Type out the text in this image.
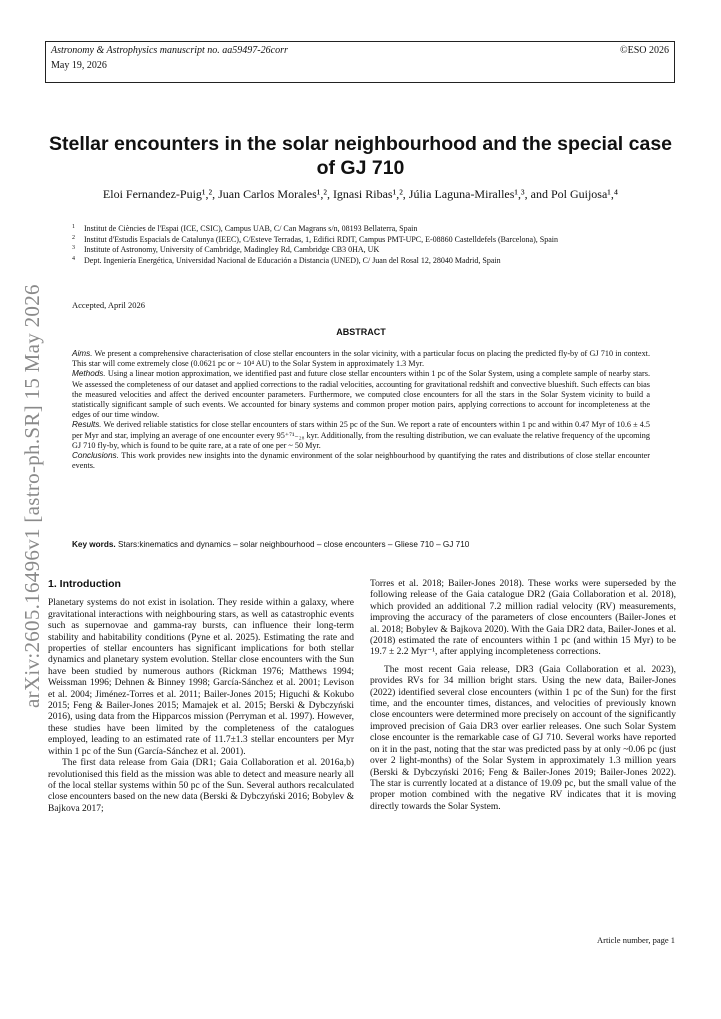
Astronomy & Astrophysics manuscript no. aa59497-26corr
May 19, 2026
©ESO 2026
arXiv:2605.16496v1 [astro-ph.SR] 15 May 2026
Stellar encounters in the solar neighbourhood and the special case of GJ 710
Eloi Fernandez-Puig¹,², Juan Carlos Morales¹,², Ignasi Ribas¹,², Júlia Laguna-Miralles¹,³, and Pol Guijosa¹,⁴
1 Institut de Ciències de l'Espai (ICE, CSIC), Campus UAB, C/ Can Magrans s/n, 08193 Bellaterra, Spain
2 Institut d'Estudis Espacials de Catalunya (IEEC), C/Esteve Terradas, 1, Edifici RDIT, Campus PMT-UPC, E-08860 Castelldefels (Barcelona), Spain
3 Institute of Astronomy, University of Cambridge, Madingley Rd, Cambridge CB3 0HA, UK
4 Dept. Ingeniería Energética, Universidad Nacional de Educación a Distancia (UNED), C/ Juan del Rosal 12, 28040 Madrid, Spain
Accepted, April 2026
ABSTRACT

Aims. We present a comprehensive characterisation of close stellar encounters in the solar vicinity, with a particular focus on placing the predicted fly-by of GJ 710 in context. This star will come extremely close (0.0621 pc or ~ 10⁴ AU) to the Solar System in approximately 1.3 Myr.

Methods. Using a linear motion approximation, we identified past and future close stellar encounters within 1 pc of the Solar System, using a complete sample of nearby stars. We assessed the completeness of our dataset and applied corrections to the radial velocities, accounting for gravitational redshift and convective blueshift. Such effects can bias the measured velocities and affect the derived encounter parameters. Furthermore, we computed close encounters for all the stars in the Solar System vicinity to build a statistically significant sample of such events. We accounted for binary systems and common proper motion pairs, applying corrections to account for incompleteness at the edges of our time window.

Results. We derived reliable statistics for close stellar encounters of stars within 25 pc of the Sun. We report a rate of encounters within 1 pc and within 0.47 Myr of 10.6 ± 4.5 per Myr and star, implying an average of one encounter every 95⁺⁷¹₋₂₈ kyr. Additionally, from the resulting distribution, we can evaluate the relative frequency of the upcoming GJ 710 fly-by, which is found to be quite rare, at a rate of one per ~ 50 Myr.

Conclusions. This work provides new insights into the dynamic environment of the solar neighbourhood by quantifying the rates and distributions of close stellar encounter events.

Key words. Stars:kinematics and dynamics – solar neighbourhood – close encounters – Gliese 710 – GJ 710

1. Introduction

Planetary systems do not exist in isolation. They reside within a galaxy, where gravitational interactions with neighbouring stars, as well as catastrophic events such as supernovae and gamma-ray bursts, can influence their long-term stability and habitability conditions (Pyne et al. 2025). Estimating the rate and properties of stellar encounters has significant implications for both stellar dynamics and planetary system evolution. Stellar close encounters with the Sun have been studied by numerous authors (Rickman 1976; Matthews 1994; Weissman 1996; Dehnen & Binney 1998; García-Sánchez et al. 2001; Levison et al. 2004; Jiménez-Torres et al. 2011; Bailer-Jones 2015; Higuchi & Kokubo 2015; Feng & Bailer-Jones 2015; Mamajek et al. 2015; Berski & Dybczyński 2016), using data from the Hipparcos mission (Perryman et al. 1997). However, these studies have been limited by the completeness of the catalogues employed, leading to an estimated rate of 11.7±1.3 stellar encounters per Myr within 1 pc of the Sun (García-Sánchez et al. 2001).

The first data release from Gaia (DR1; Gaia Collaboration et al. 2016a,b) revolutionised this field as the mission was able to detect and measure nearly all of the local stellar systems within 50 pc of the Sun. Several authors recalculated close encounters based on the new data (Berski & Dybczyński 2016; Bobylev & Bajkova 2017;

Torres et al. 2018; Bailer-Jones 2018). These works were superseded by the following release of the Gaia catalogue DR2 (Gaia Collaboration et al. 2018), which provided an additional 7.2 million radial velocity (RV) measurements, improving the accuracy of the parameters of close encounters (Bailer-Jones et al. 2018; Bobylev & Bajkova 2020). With the Gaia DR2 data, Bailer-Jones et al. (2018) estimated the rate of encounters within 1 pc (and within 15 Myr) to be 19.7 ± 2.2 Myr⁻¹, after applying incompleteness corrections.

The most recent Gaia release, DR3 (Gaia Collaboration et al. 2023), provides RVs for 34 million bright stars. Using the new data, Bailer-Jones (2022) identified several close encounters (within 1 pc of the Sun) for the first time, and the encounter times, distances, and velocities of previously known close encounters were determined more precisely on account of the significantly improved precision of Gaia DR3 over earlier releases. One such Solar System close encounter is the remarkable case of GJ 710. Several works have reported on it in the past, noting that the star was predicted pass by at only ~0.06 pc (just over 2 light-months) of the Solar System in approximately 1.3 million years (Berski & Dybczyński 2016; Feng & Bailer-Jones 2019; Bailer-Jones 2022). The star is currently located at a distance of 19.09 pc, but the small value of the proper motion combined with the negative RV indicates that it is moving directly towards the Solar System.

Article number, page 1
